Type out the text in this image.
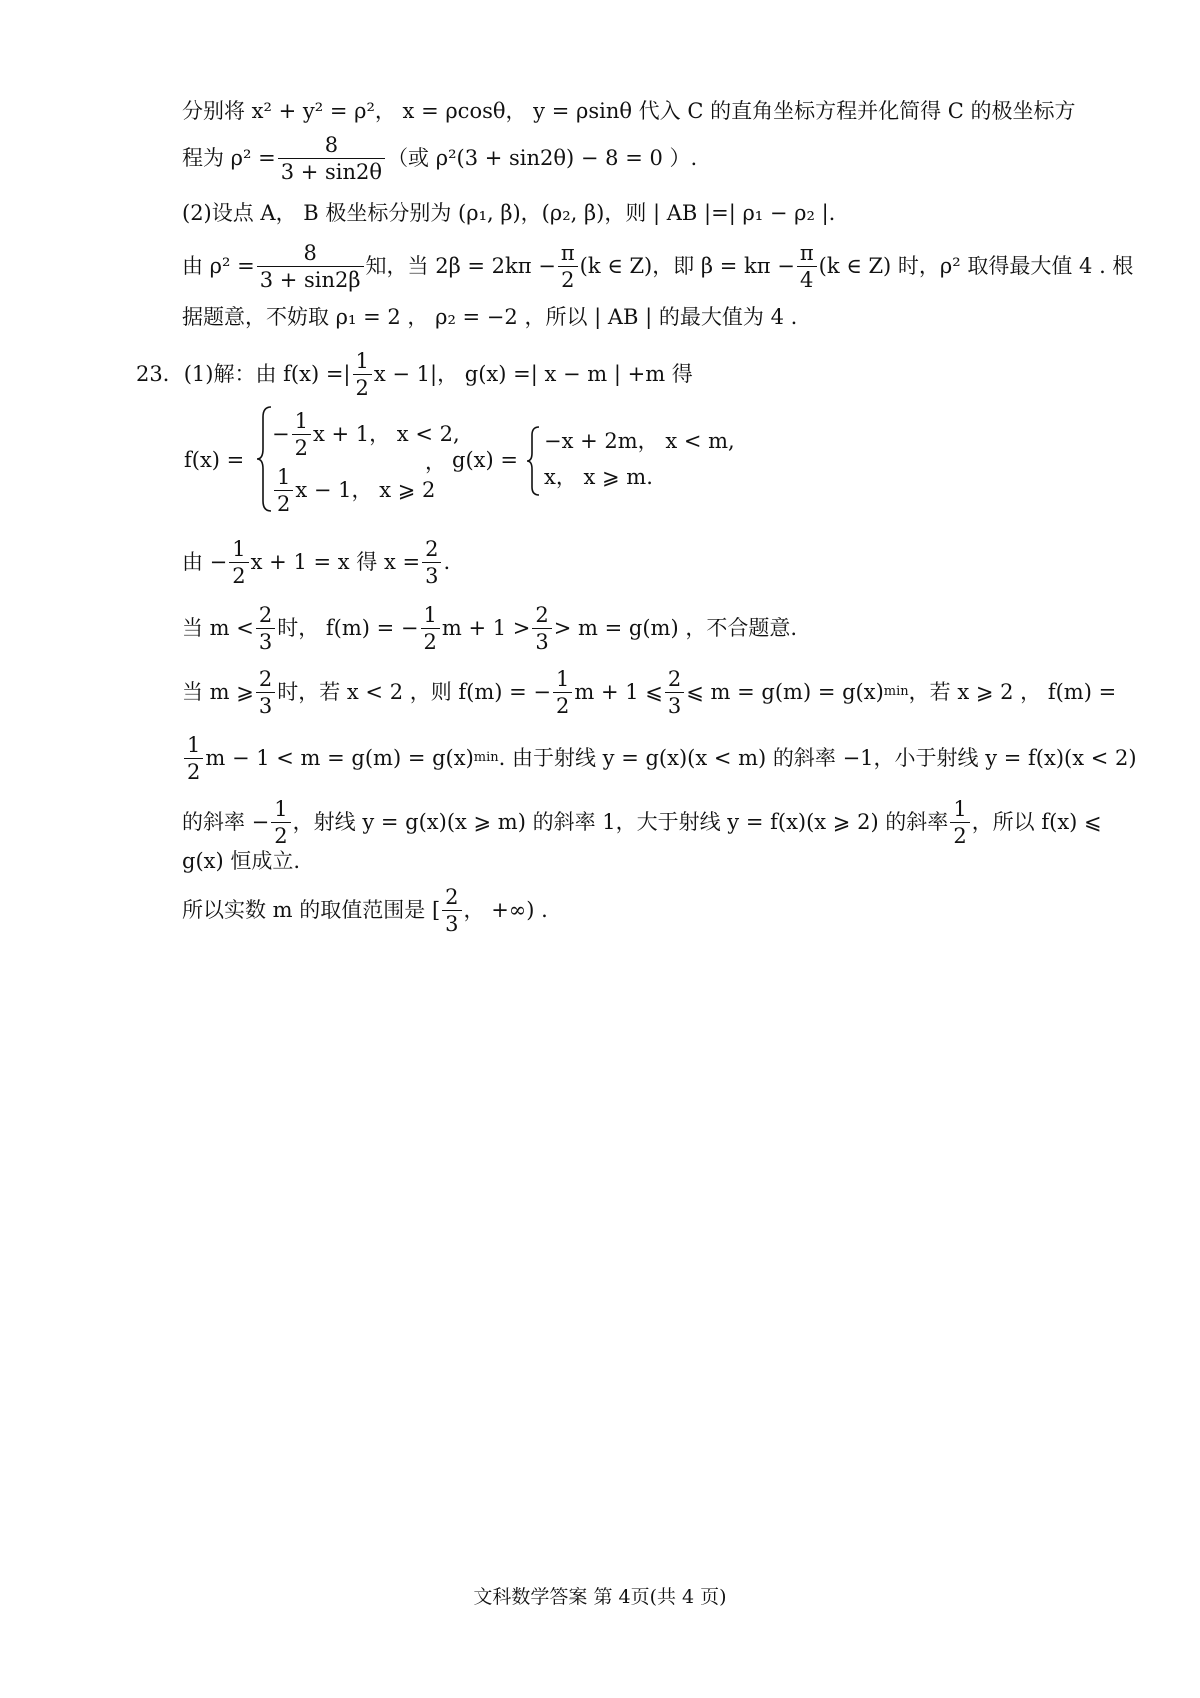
分别将 x² + y² = ρ²， x = ρcosθ， y = ρsinθ 代入 C 的直角坐标方程并化简得 C 的极坐标方
程为 $\rho^2 = \frac{8}{3 + \sin 2\theta}$ （或 ρ²(3 + sin2θ) − 8 = 0 ）.
(2)设点 A， B 极坐标分别为 (ρ₁, β)，(ρ₂, β)，则 | AB |=| ρ₁ − ρ₂ |.
由 $\rho^2 = \frac{8}{3 + \sin 2\beta}$ 知，当 $2\beta = 2k\pi - \frac{\pi}{2} (k$ ∈ Z)，即 $\beta = k\pi - \frac{\pi}{4} (k$ ∈ Z) 时，ρ² 取得最大值 4 . 根
据题意，不妨取 ρ₁ = 2 ， ρ₂ = −2 ，所以 | AB | 的最大值为 4 .
23．(1)解：由 f(x) =| $\frac{1}{2}$ x − 1|， g(x) =| x − m | +m 得
f(x) =
− $\frac{1}{2}$ x + 1， x < 2,
$\frac{1}{2}$ x − 1， x ⩾ 2
， g(x) =
−x + 2m， x < m,
x， x ⩾ m.
由 − $\frac{1}{2}$ x + 1 = x 得 $x = \frac{2}{3}$ .
当 $m < \frac{2}{3}$ 时， f(m) = − $\frac{1}{2}$ $m + 1 > \frac{2}{3} > m = g(m)$ ，不合题意.
当 m ⩾ $\frac{2}{3}$ 时，若 x < 2 ，则 f(m) = − $\frac{1}{2}$ m + 1 ⩽ $\frac{2}{3}$ ⩽ m = g(m) = g(x) min ，若 x ⩾ 2 ， f(m) =
$\frac{1}{2}$ m − 1 < m = g(m) = g(x) min . 由于射线 y = g(x)(x < m) 的斜率 −1，小于射线 y = f(x)(x < 2)
的斜率 − $\frac{1}{2}$ ，射线 y = g(x)(x ⩾ m) 的斜率 1，大于射线 y = f(x)(x ⩾ 2) 的斜率 $\frac{1}{2}$ ，所以 f(x) ⩽
g(x) 恒成立.
所以实数 m 的取值范围是 [ $\frac{2}{3}$ ， +∞) .
文科数学答案 第 4页(共 4 页)
